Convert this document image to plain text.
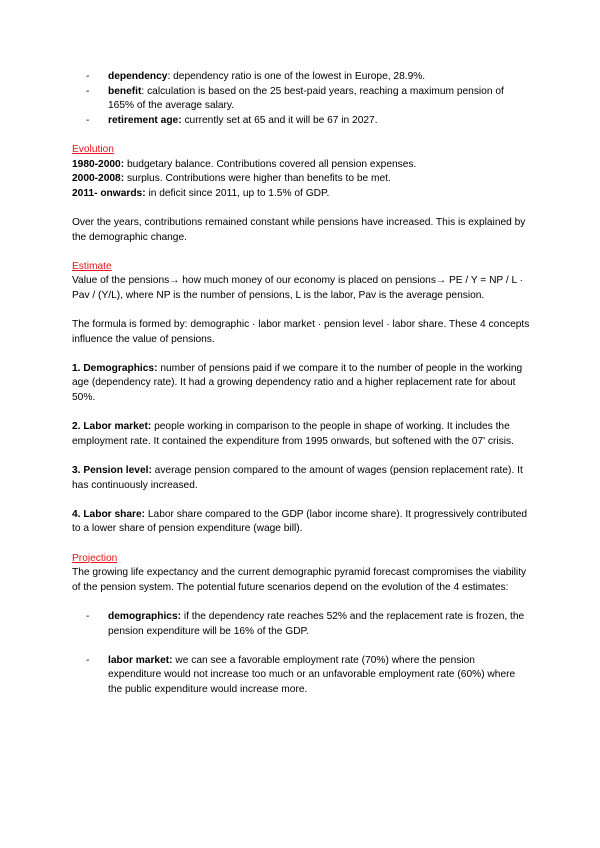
- dependency: dependency ratio is one of the lowest in Europe, 28.9%.
- benefit: calculation is based on the 25 best-paid years, reaching a maximum pension of 165% of the average salary.
- retirement age: currently set at 65 and it will be 67 in 2027.

Evolution

1980-2000: budgetary balance. Contributions covered all pension expenses.

2000-2008: surplus. Contributions were higher than benefits to be met.

2011- onwards: in deficit since 2011, up to 1.5% of GDP.

Over the years, contributions remained constant while pensions have increased. This is explained by the demographic change.

Estimate

Value of the pensions→ how much money of our economy is placed on pensions→ PE / Y = NP / L · Pav / (Y/L), where NP is the number of pensions, L is the labor, Pav is the average pension.

The formula is formed by: demographic · labor market · pension level · labor share. These 4 concepts influence the value of pensions.

1. Demographics: number of pensions paid if we compare it to the number of people in the working age (dependency rate). It had a growing dependency ratio and a higher replacement rate for about 50%.

2. Labor market: people working in comparison to the people in shape of working. It includes the employment rate. It contained the expenditure from 1995 onwards, but softened with the 07' crisis.

3. Pension level: average pension compared to the amount of wages (pension replacement rate). It has continuously increased.

4. Labor share: Labor share compared to the GDP (labor income share). It progressively contributed to a lower share of pension expenditure (wage bill).

Projection

The growing life expectancy and the current demographic pyramid forecast compromises the viability of the pension system. The potential future scenarios depend on the evolution of the 4 estimates:

- demographics: if the dependency rate reaches 52% and the replacement rate is frozen, the pension expenditure will be 16% of the GDP.
- labor market: we can see a favorable employment rate (70%) where the pension expenditure would not increase too much or an unfavorable employment rate (60%) where the public expenditure would increase more.
